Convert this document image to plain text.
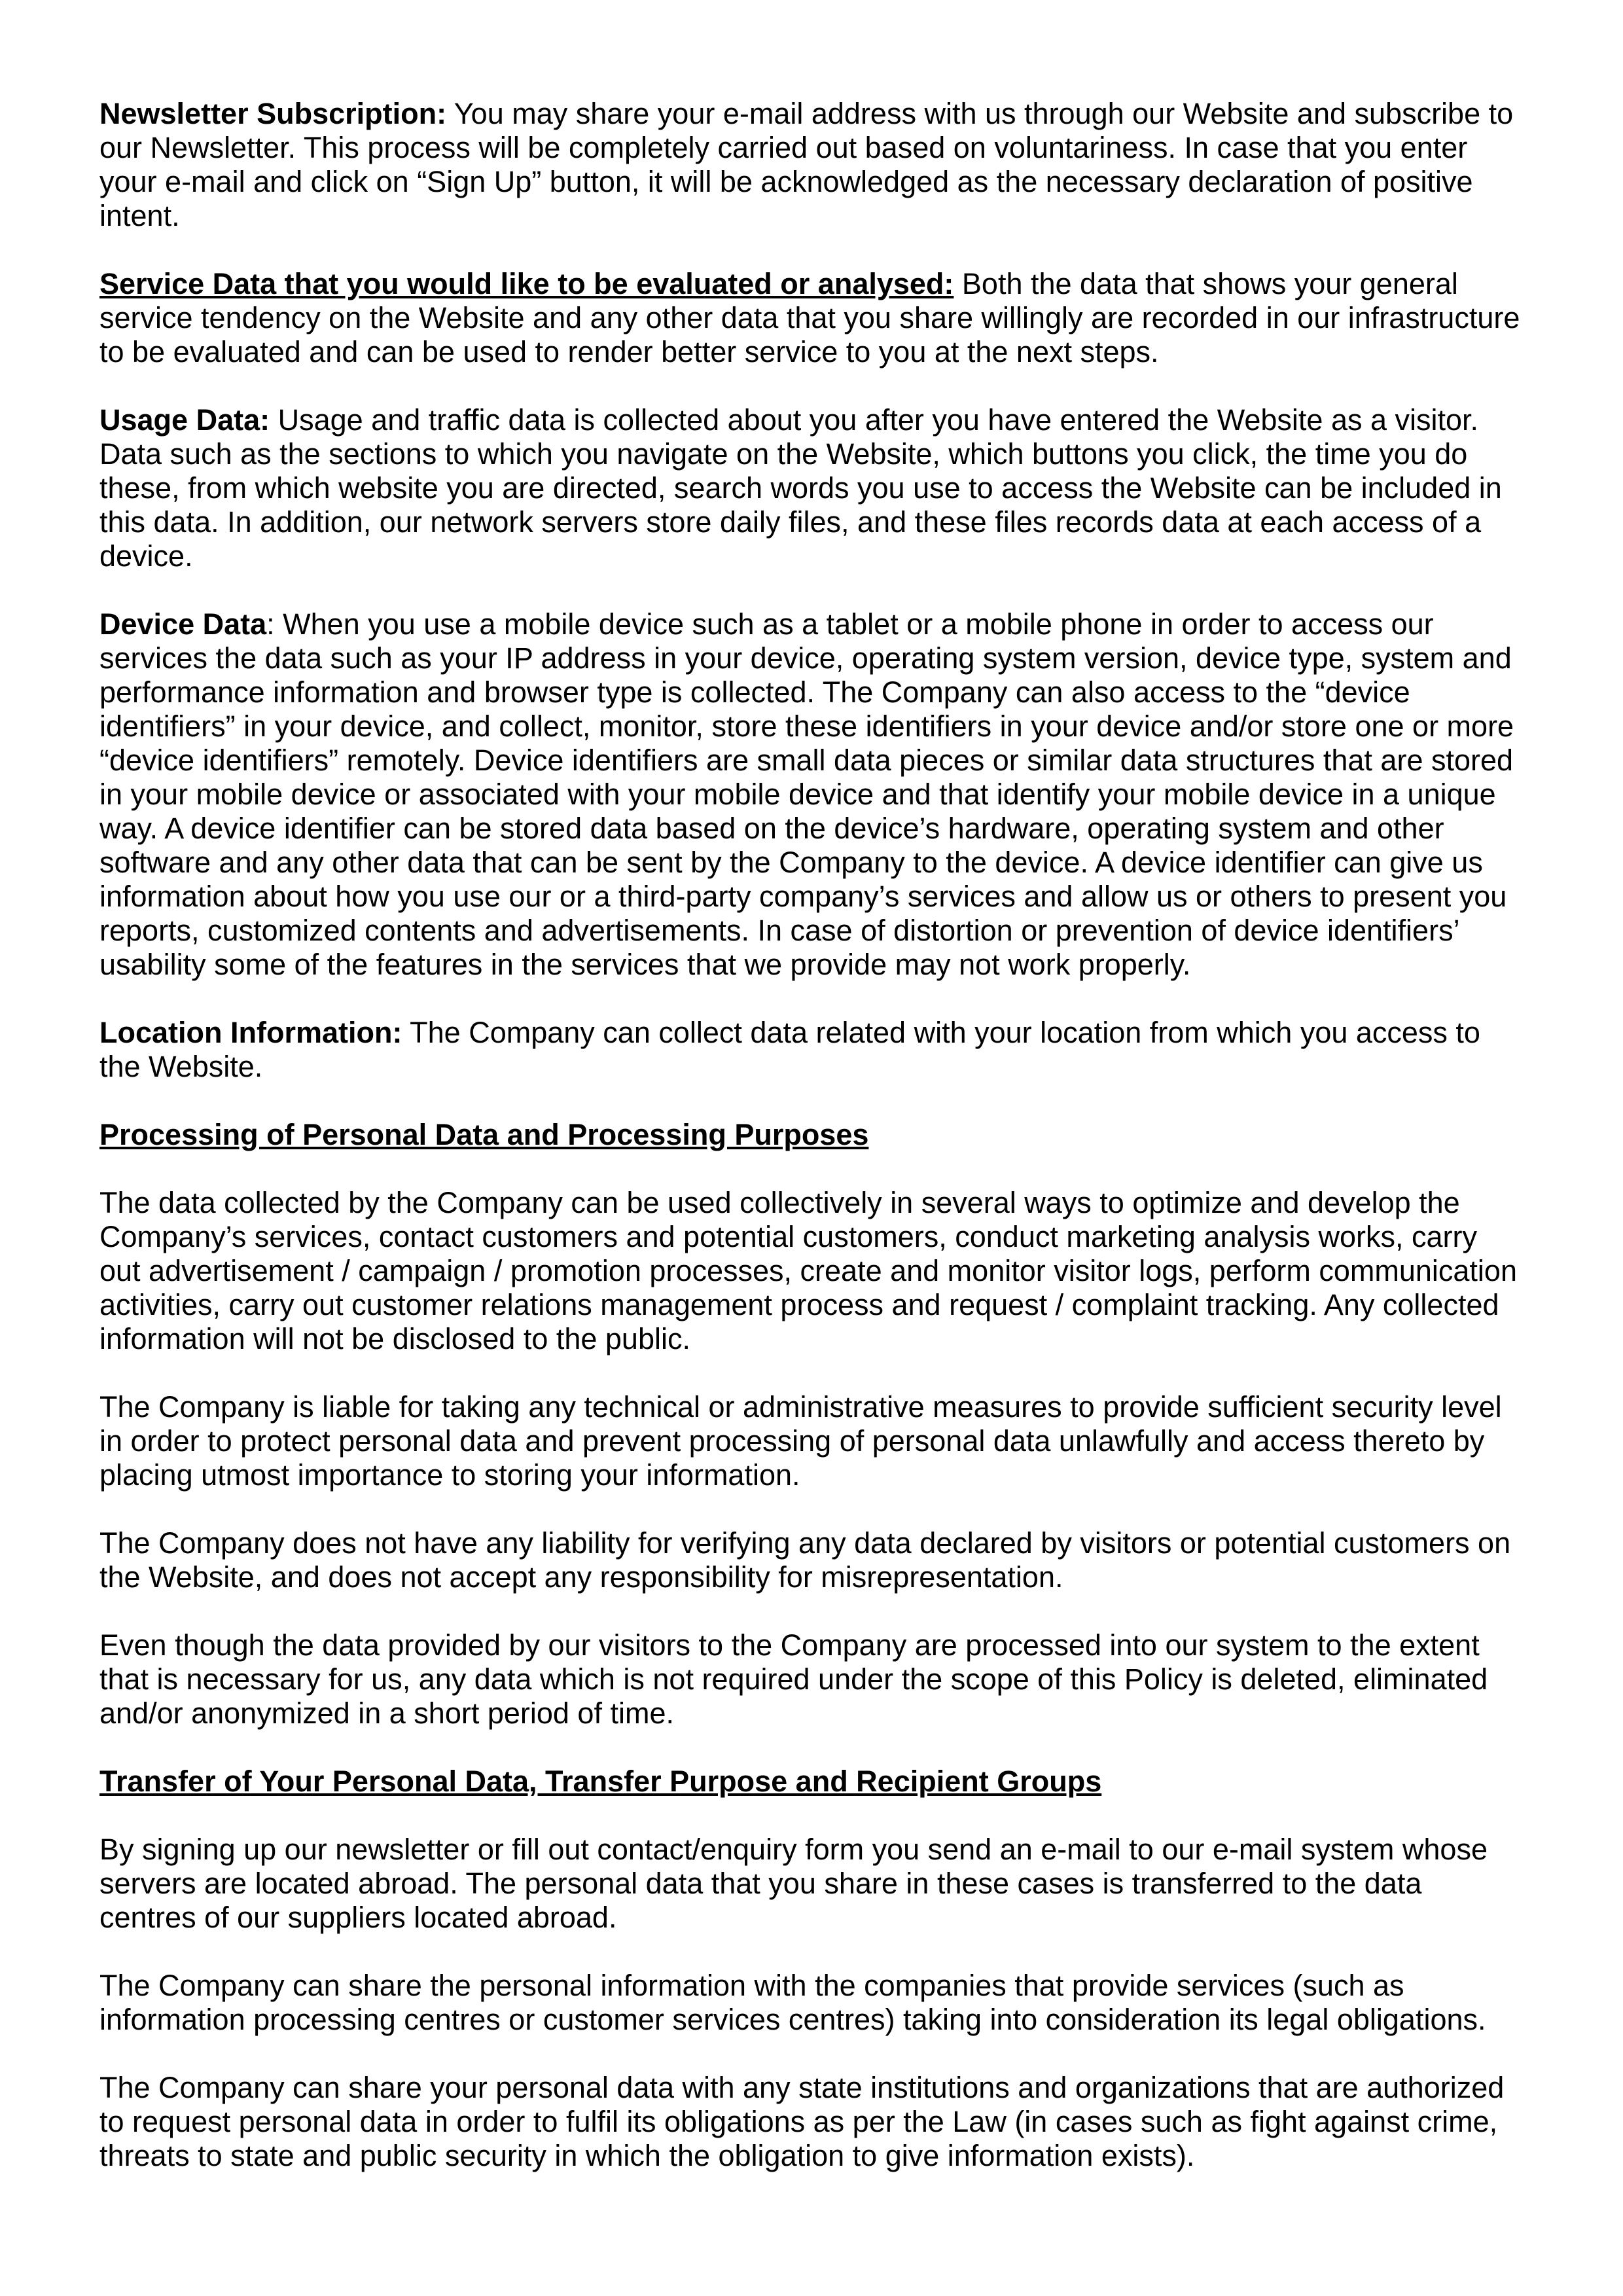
Newsletter Subscription: You may share your e-mail address with us through our Website and subscribe to our Newsletter. This process will be completely carried out based on voluntariness. In case that you enter your e-mail and click on “Sign Up” button, it will be acknowledged as the necessary declaration of positive intent.

Service Data that you would like to be evaluated or analysed: Both the data that shows your general service tendency on the Website and any other data that you share willingly are recorded in our infrastructure to be evaluated and can be used to render better service to you at the next steps.

Usage Data: Usage and traffic data is collected about you after you have entered the Website as a visitor. Data such as the sections to which you navigate on the Website, which buttons you click, the time you do these, from which website you are directed, search words you use to access the Website can be included in this data. In addition, our network servers store daily files, and these files records data at each access of a device.

Device Data: When you use a mobile device such as a tablet or a mobile phone in order to access our services the data such as your IP address in your device, operating system version, device type, system and performance information and browser type is collected. The Company can also access to the “device identifiers” in your device, and collect, monitor, store these identifiers in your device and/or store one or more “device identifiers” remotely. Device identifiers are small data pieces or similar data structures that are stored in your mobile device or associated with your mobile device and that identify your mobile device in a unique way. A device identifier can be stored data based on the device’s hardware, operating system and other software and any other data that can be sent by the Company to the device. A device identifier can give us information about how you use our or a third-party company’s services and allow us or others to present you reports, customized contents and advertisements. In case of distortion or prevention of device identifiers’ usability some of the features in the services that we provide may not work properly.

Location Information: The Company can collect data related with your location from which you access to the Website.

Processing of Personal Data and Processing Purposes

The data collected by the Company can be used collectively in several ways to optimize and develop the Company’s services, contact customers and potential customers, conduct marketing analysis works, carry out advertisement / campaign / promotion processes, create and monitor visitor logs, perform communication activities, carry out customer relations management process and request / complaint tracking. Any collected information will not be disclosed to the public.

The Company is liable for taking any technical or administrative measures to provide sufficient security level in order to protect personal data and prevent processing of personal data unlawfully and access thereto by placing utmost importance to storing your information.

The Company does not have any liability for verifying any data declared by visitors or potential customers on the Website, and does not accept any responsibility for misrepresentation.

Even though the data provided by our visitors to the Company are processed into our system to the extent that is necessary for us, any data which is not required under the scope of this Policy is deleted, eliminated and/or anonymized in a short period of time.

Transfer of Your Personal Data, Transfer Purpose and Recipient Groups

By signing up our newsletter or fill out contact/enquiry form you send an e-mail to our e-mail system whose servers are located abroad. The personal data that you share in these cases is transferred to the data centres of our suppliers located abroad.

The Company can share the personal information with the companies that provide services (such as information processing centres or customer services centres) taking into consideration its legal obligations.

The Company can share your personal data with any state institutions and organizations that are authorized to request personal data in order to fulfil its obligations as per the Law (in cases such as fight against crime, threats to state and public security in which the obligation to give information exists).
